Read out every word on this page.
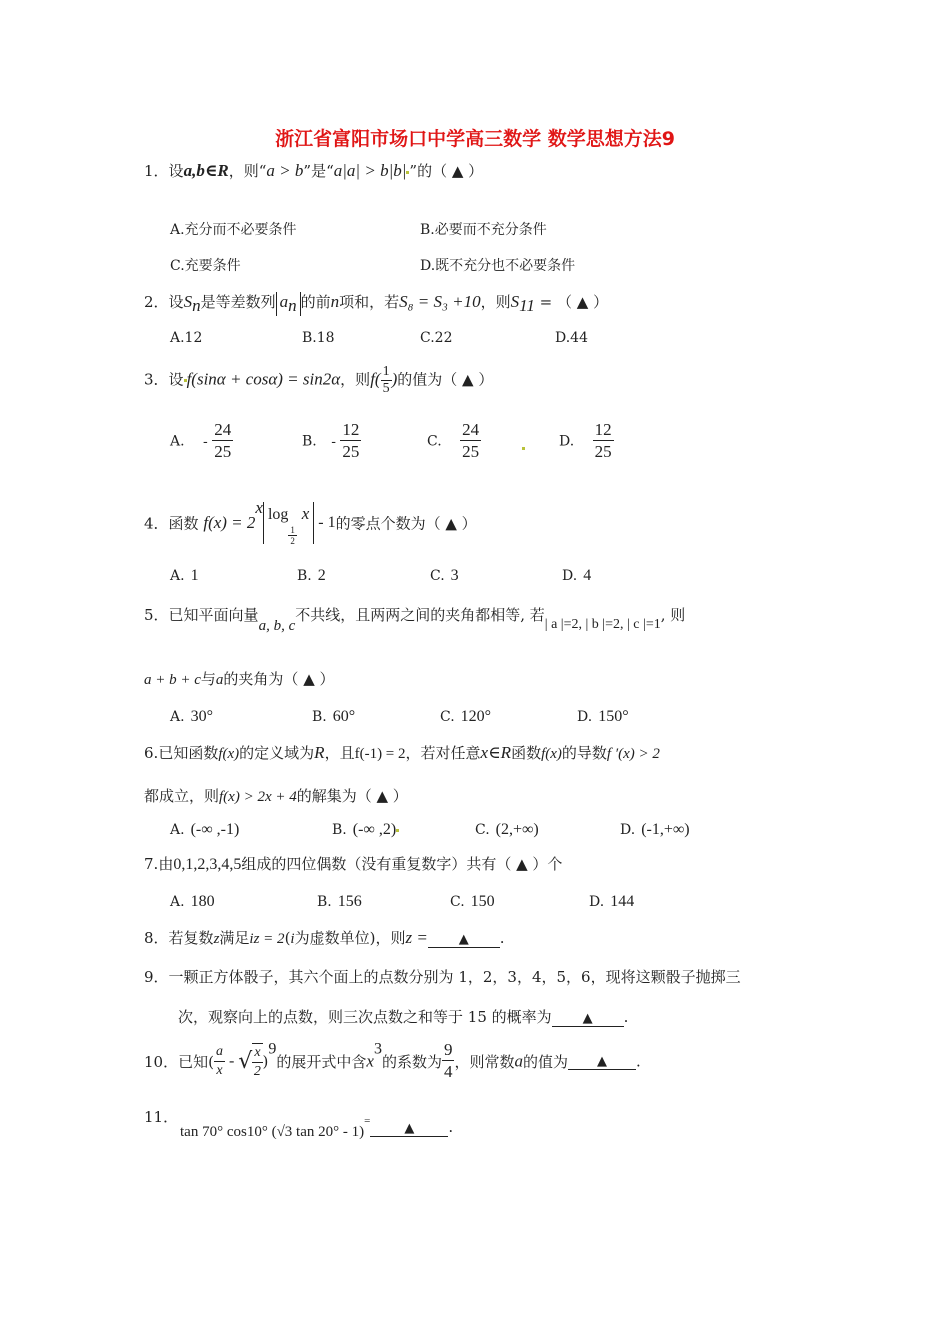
浙江省富阳市场口中学高三数学 数学思想方法9
1．设a,b∈R，则“a > b”是“a|a| > b|b| ”的（ ▲ ）
A.充分而不必要条件	B.必要而不充分条件
C.充要条件	D.既不充分也不必要条件
2．设$S_n$是等差数列 $a_n$ 的前n项和，若S₈ = S₃ +10，则$S_{11}$ = （ ▲ ）
A.12	B.18	C.22	D.44
3．设 f(sinα + cosα) = sin2α，则$f( \frac{1}{5}$ )的值为（ ▲ ）
A. - $\frac{24}{25}$	B. - $\frac{12}{25}$	C. $\frac{24}{25}$	D. $\frac{12}{25}$
4．函数 $f(x) = 2^x$ log
$\frac{1}{2}$
x - 1的零点个数为（ ▲ ）
A. 1	B. 2	C. 3	D. 4
5．已知平面向量a, b, c不共线，且两两之间的夹角都相等, 若| a |=2, | b |=2, | c |=1, 则
a + b + c与a的夹角为（ ▲ ）
A. 30°	B. 60°	C. 120°	D. 150°
6.已知函数f(x)的定义域为R，且f(-1) = 2，若对任意x∈R函数f(x)的导数f ′(x) > 2
都成立，则f(x) > 2x + 4的解集为（ ▲ ）
A. (-∞ ,-1)	B. (-∞ ,2)	C. (2,+∞)	D. (-1,+∞)
7.由0,1,2,3,4,5组成的四位偶数（没有重复数字）共有（ ▲ ）个
A. 180	B. 156	C. 150	D. 144
8．若复数z满足iz = 2(i为虚数单位)，则z = ▲ .
9．一颗正方体骰子，其六个面上的点数分别为 1，2，3，4，5，6，现将这颗骰子抛掷三
次，观察向上的点数，则三次点数之和等于 15 的概率为 ▲ .
10．已知( $\frac{a}{x}$ - √ $\frac{x}{2} )^9$的展开式中含$x^3$的系数为 $\frac{9}{4}$ ，则常数a的值为 ▲ .
11．
tan 70° cos10° (√3 tan 20° - 1)=	▲ .
